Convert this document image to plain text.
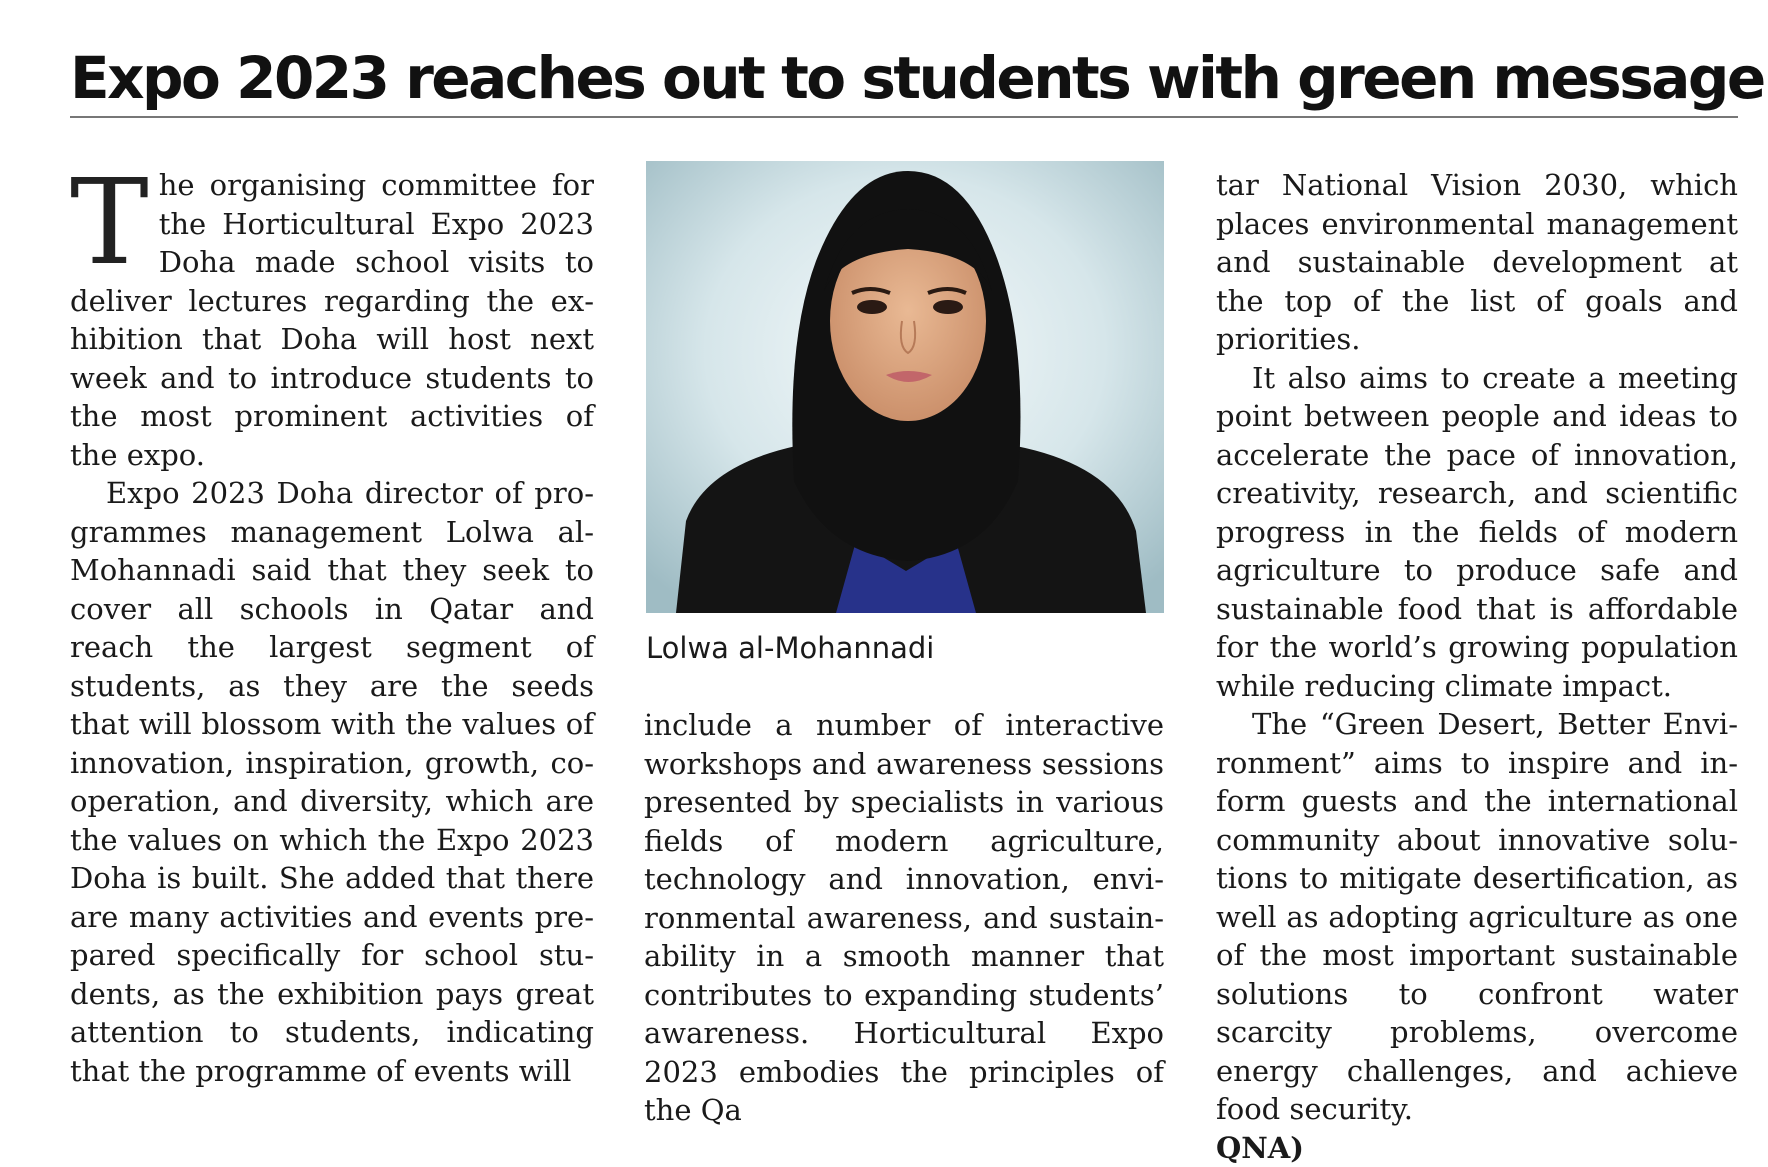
Expo 2023 reaches out to students with green message

The organising committee for the Horticultural Expo 2023 Doha made school visits to deliver lectures regarding the exhibition that Doha will host next week and to introduce students to the most prominent activities of the expo.

Expo 2023 Doha director of programmes management Lolwa al-Mohannadi said that they seek to cover all schools in Qatar and reach the largest segment of students, as they are the seeds that will blossom with the values of innovation, inspiration, growth, co-operation, and diversity, which are the values on which the Expo 2023 Doha is built. She added that there are many activities and events prepared specifically for school students, as the exhibition pays great attention to students, indicating that the programme of events will

Lolwa al-Mohannadi

include a number of interactive workshops and awareness sessions presented by specialists in various fields of modern agriculture, technology and innovation, environmental awareness, and sustainability in a smooth manner that contributes to expanding students’ awareness. Horticultural Expo 2023 embodies the principles of the Qa

tar National Vision 2030, which places environmental management and sustainable development at the top of the list of goals and priorities.

It also aims to create a meeting point between people and ideas to accelerate the pace of innovation, creativity, research, and scientific progress in the fields of modern agriculture to produce safe and sustainable food that is affordable for the world’s growing population while reducing climate impact.

The “Green Desert, Better Environment” aims to inspire and inform guests and the international community about innovative solutions to mitigate desertification, as well as adopting agriculture as one of the most important sustainable solutions to confront water scarcity problems, overcome energy challenges, and achieve food security.

QNA)
